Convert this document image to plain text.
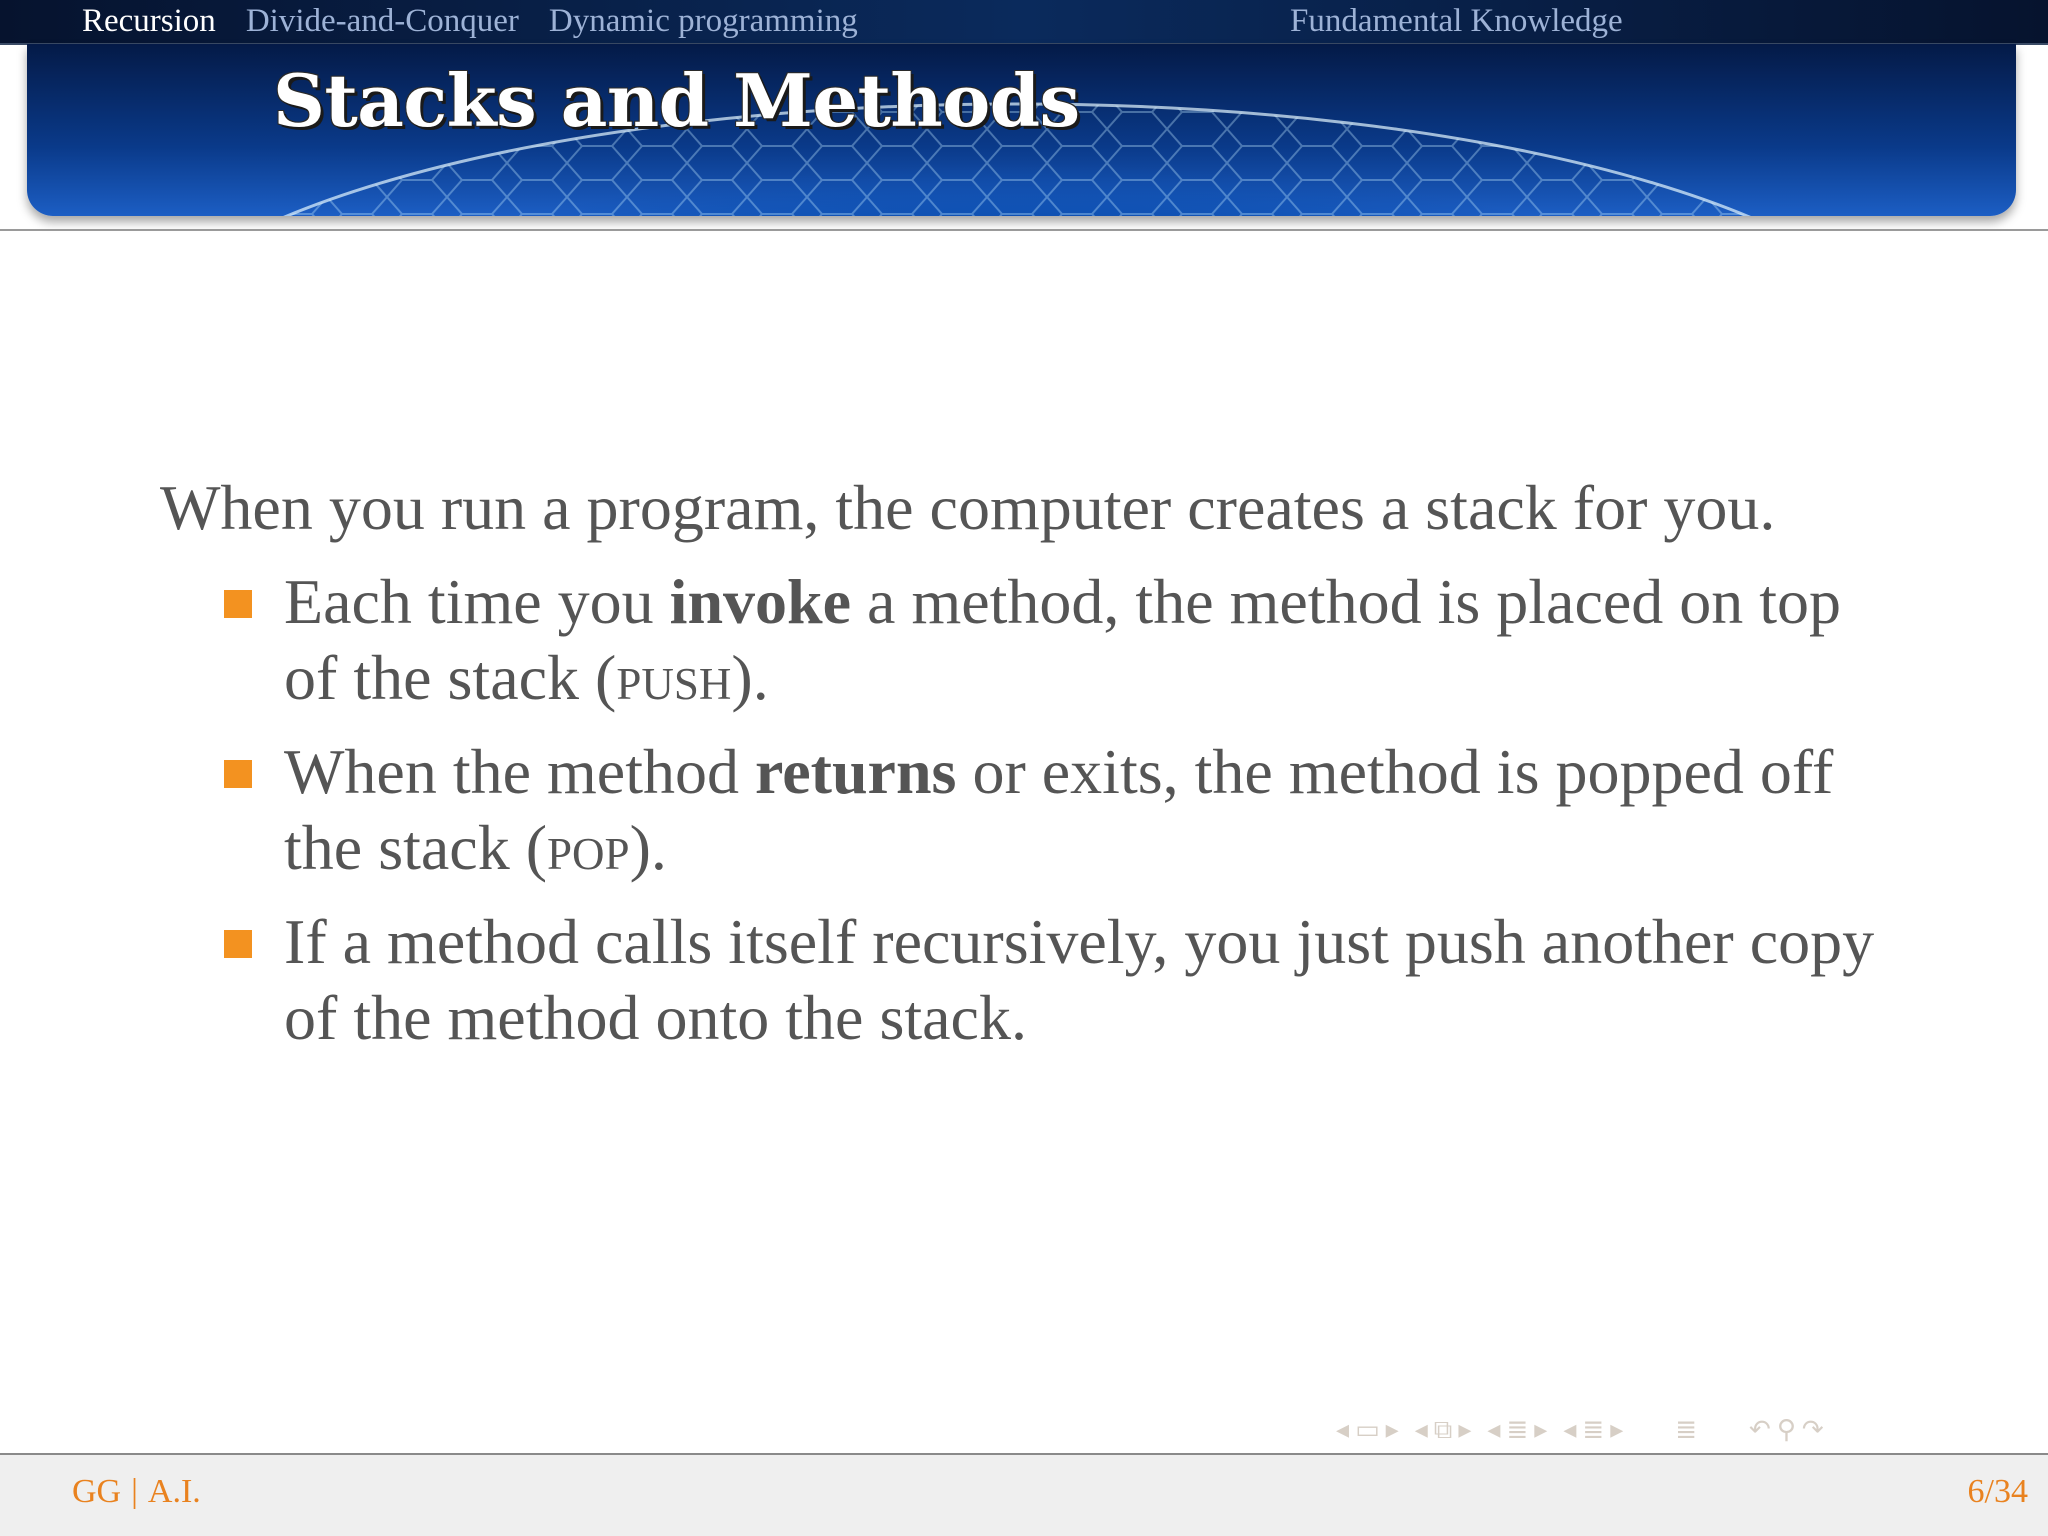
Recursion Divide-and-Conquer Dynamic programming	Fundamental Knowledge
Stacks and Methods

When you run a program, the computer creates a stack for you.

Each time you invoke a method, the method is placed on top of the stack (push).
When the method returns or exits, the method is popped off the stack (pop).
If a method calls itself recursively, you just push another copy of the method onto the stack.
◂ ▭ ▸ ◂ ⧉ ▸ ◂ ≣ ▸ ◂ ≣ ▸ ≣ ↶ ⚲ ↷
GG | A.I.	6/34
